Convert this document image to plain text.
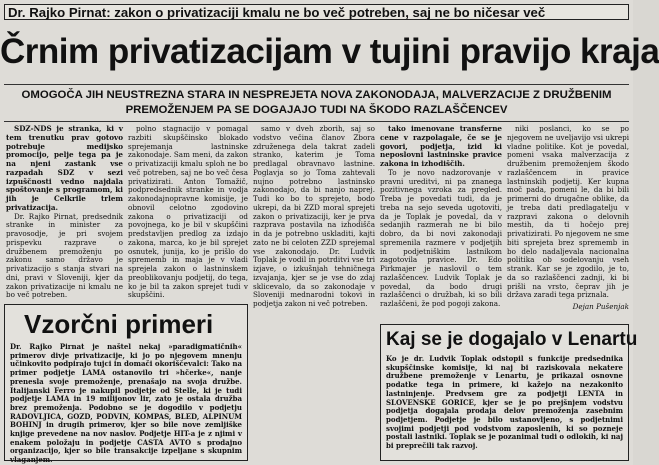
Dr. Rajko Pirnat: zakon o privatizaciji kmalu ne bo več potreben, saj ne bo ničesar več
Črnim privatizacijam v tujini pravijo kraja
OMOGOČA JIH NEUSTREZNA STARA IN NESPREJETA NOVA ZAKONODAJA, MALVERZACIJE Z DRUŽBENIM PREMOŽENJEM PA SE DOGAJAJO TUDI NA ŠKODO RAZLAŠČENCEV

SDZ-NDS je stranka, ki v tem trenutku prav gotovo potrebuje medijsko promocijo, pelje tega pa je na njeni zastank vse razpadah SDZ v sezi izpuščnosti vedno najdala spoštovanje s programom, ki jih je Celkrile trlem privatizacija.

Dr. Rajko Pirnat, predsednik stranke in minister za pravosodje, je pri svojem prispevku razprave o družbenem premoženju po zakonu samo državo je privatizacijo s stanja stvari na dni, pravi v Sloveniji, kjer da zakon privatizacije ni kmalu ne bo več potreben.

polno stagnacijo v pomagal razbiti skupščinsko blokado sprejemanja lastninske zakonodaje. Sam meni, da zakon o privatizaciji kmalu sploh ne bo več potreben, saj ne bo več česa privatizirati. Anton Tomažič, podpredsednik stranke in vodja zakonodajnopravne komisije, je obnovil celotno zgodovino zakona o privatizaciji od povojnega, ko je bil v skupščini predstavljen predlog za izdajo zakona, marca, ko je bil sprejet osnutek, junija, ko je prišlo do sprememb in maja je v vladi sprejela zakon o lastninskem preoblikovanju podjetij, do tega, ko je bil ta zakon sprejet tudi v skupščini.

samo v dveh zborih, saj so vodstvo večina članov Zbora združenega dela takrat zadeli stranko, katerim je Toma predlagal obravnavo lastnine. Poglavja so jo Toma zahtevali nujno potrebno lastninsko zakonodajo, da bi nanjo naprej. Tudi ko bo to sprejeto, bodo ukrepi, da bi ZZD moral sprejeti zakon o privatizaciji, ker je prva razprava postavila na izhodišča in da je potrebno uskladiti, kajti zato ne bi celoten ZZD sprejemal vse zakonodajo. Dr. Ludvik Toplak je vodil in potrditvi vse tri izjave, o izkušnjah tehničnega izvajanja, kjer se je vse do zdaj sklicevalo, da so zakonodaje v Sloveniji mednarodni tokovi in podjetja zakon ni več potreben.

tako imenovane transferne cene v razpolagale, če se je govori, podjetja, izid ki neposlovni lastninske pravice zakona in izhodiščih.

To je novo nadzorovanje v pravni ureditvi, ni pa znanega pozitivnega vzroka za pregled. Treba je povedati tudi, da je treba na sejo seveda ugotoviti, da je Toplak je povedal, da v sedanjih razmerah ne bi bilo dobro, da bi novi zakonodaji spremenila razmere v podjetjih in podjetniškim lastnikom zagotovila pravice. Dr. Edo Pirkmajer je naslovil o tem razlaščencev. Ludvik Toplak je povedal, da bodo drugi razlaščenci o družbah, ki so bili razlaščeni, že pod pogoji zakona.

niki poslanci, ko se po njegovem ne uveljavijo vsi ukrepi vladne politike. Kot je povedal, pomeni vsaka malverzacija z družbenim premoženjem škodo razlaščencem in pravice lastninskih podjetij. Ker kupna moč pada, pomeni le, da bi bili primerni do drugačne oblike, da je treba dati predlagatelju v razpravi zakona o delovnih mestih, da ti hočejo prej privatizirati. Po njegovem ne sme biti sprejeta brez sprememb in bo delo nadaljevala nacionalna politika ob sodelovanju vseh strank. Kar se je zgodilo, je to, da so razlaščenci zadnji, ki bi prišli na vrsto, čeprav jih je država zaradi tega priznala.

Dejan Pušenjak

Vzorčni primeri
Dr. Rajko Pirnat je naštel nekaj »paradigmatičnih« primerov divje privatizacije, ki jo po njegovem mnenju učinkovito podpirajo tujci in domači okoriščevalci: Tako na primer podjetje LAMA ostanovilo tri »hčerke«, nanje prenesla svoje premoženje, prenašajo na svoja družbe. Italijanski Ferro je nakupil podjetje od Stelle, ki je tudi podjetje LAMA in 19 milijonov lir, zato je ostala družba brez premoženja. Podobno se je dogodilo v podjetju RADOVLJICA, GOZD, PODVIN, KOMPAS, BLED, ALPINUM BOHINJ in drugih primerov, kjer so bile nove zemljiške knjige prevedene na nov naslov. Podjetje HIT-a je z njimi v enakem položaju in podjetje CASTA AVTO s prodajno organizacijo, kjer so bile transakcije izpeljane s skupnim vlaganjem.
Kaj se je dogajalo v Lenartu
Ko je dr. Ludvik Toplak odstopil s funkcije predsednika skupščinske komisije, ki naj bi raziskovala nekatere družbene premoženje v Lenartu, je prikazal osnovne podatke tega in primere, ki kažejo na nezakonito lastninjenje. Predvsem gre za podjetji LENTA in SLOVENSKE GORICE, kjer se je po prejšnjem vodstvu podjetja dogajala prodaja delov premoženja zasebnim podjetjem. Podjetje je bilo ustanovljeno, s podjetnimi svojimi podjetji pod vodstvom zaposlenih, ki so pozneje postali lastniki. Toplak se je pozanimal tudi o odlokih, ki naj bi preprečili tak razvoj.
